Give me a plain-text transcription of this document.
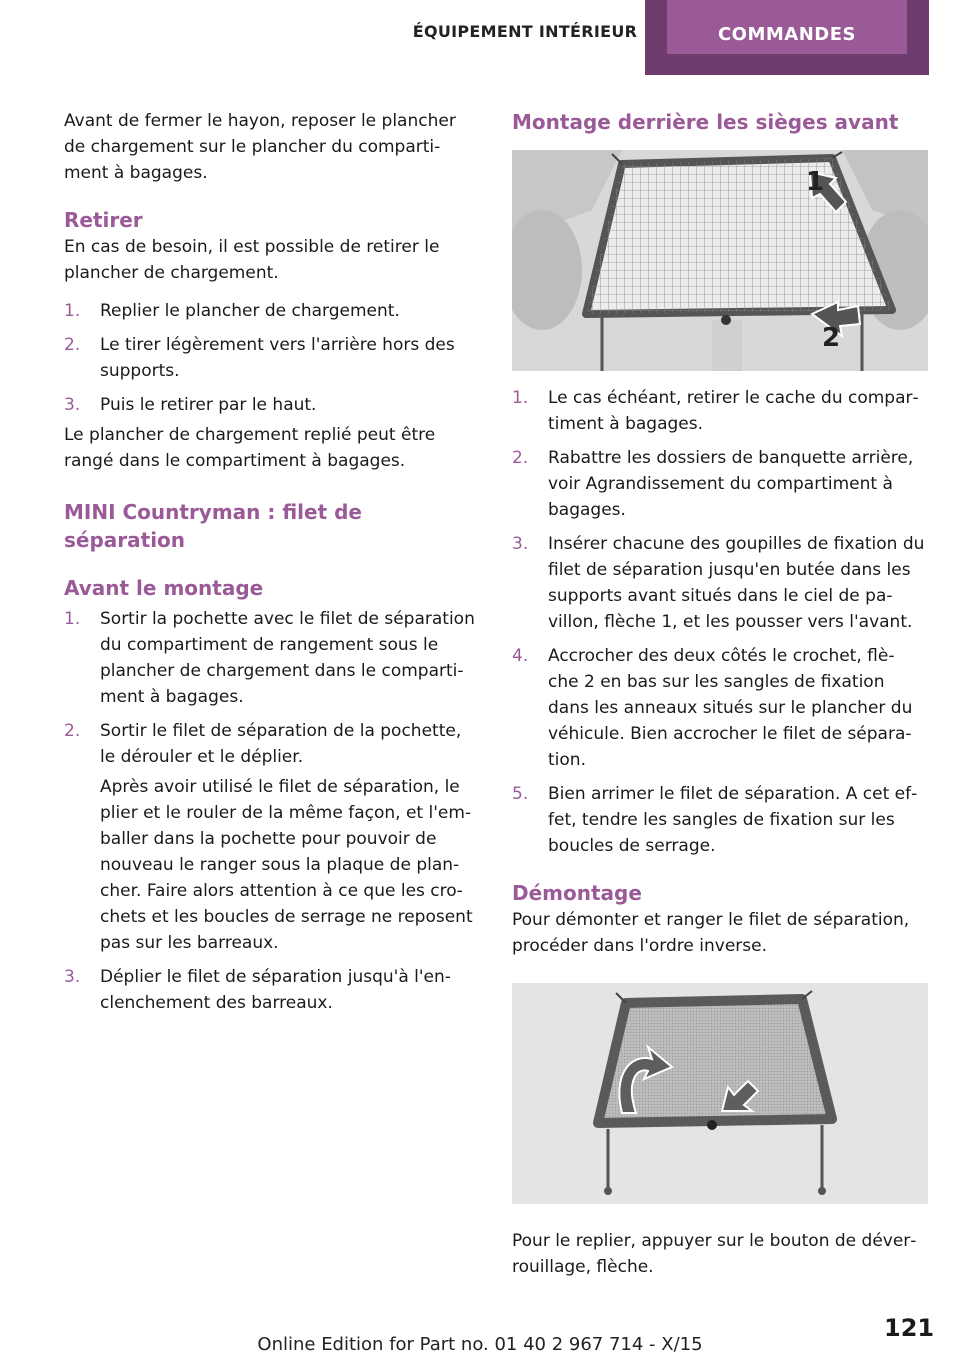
ÉQUIPEMENT INTÉRIEUR	COMMANDES

Avant de fermer le hayon, reposer le plancher de chargement sur le plancher du comparti‐ ment à bagages.

Retirer

En cas de besoin, il est possible de retirer le plancher de chargement.

1. Replier le plancher de chargement.
2. Le tirer légèrement vers l'arrière hors des supports.
3. Puis le retirer par le haut.

Le plancher de chargement replié peut être rangé dans le compartiment à bagages.

MINI Countryman : filet de séparation
Avant le montage
1. Sortir la pochette avec le filet de séparation du compartiment de rangement sous le plancher de chargement dans le comparti‐ ment à bagages.
2. Sortir le filet de séparation de la pochette, le dérouler et le déplier.
Après avoir utilisé le filet de séparation, le plier et le rouler de la même façon, et l'em‐ baller dans la pochette pour pouvoir de nouveau le ranger sous la plaque de plan‐ cher. Faire alors attention à ce que les cro‐ chets et les boucles de serrage ne reposent pas sur les barreaux.
3. Déplier le filet de séparation jusqu'à l'en‐ clenchement des barreaux.
Montage derrière les sièges avant
1
2
1. Le cas échéant, retirer le cache du compar‐ timent à bagages.
2. Rabattre les dossiers de banquette arrière, voir Agrandissement du compartiment à bagages.
3. Insérer chacune des goupilles de fixation du filet de séparation jusqu'en butée dans les supports avant situés dans le ciel de pa‐ villon, flèche 1, et les pousser vers l'avant.
4. Accrocher des deux côtés le crochet, flè‐ che 2 en bas sur les sangles de fixation dans les anneaux situés sur le plancher du véhicule. Bien accrocher le filet de sépara‐ tion.
5. Bien arrimer le filet de séparation. A cet ef‐ fet, tendre les sangles de fixation sur les boucles de serrage.
Démontage

Pour démonter et ranger le filet de séparation, procéder dans l'ordre inverse.

Pour le replier, appuyer sur le bouton de déver‐ rouillage, flèche.

121
Online Edition for Part no. 01 40 2 967 714 - X/15
